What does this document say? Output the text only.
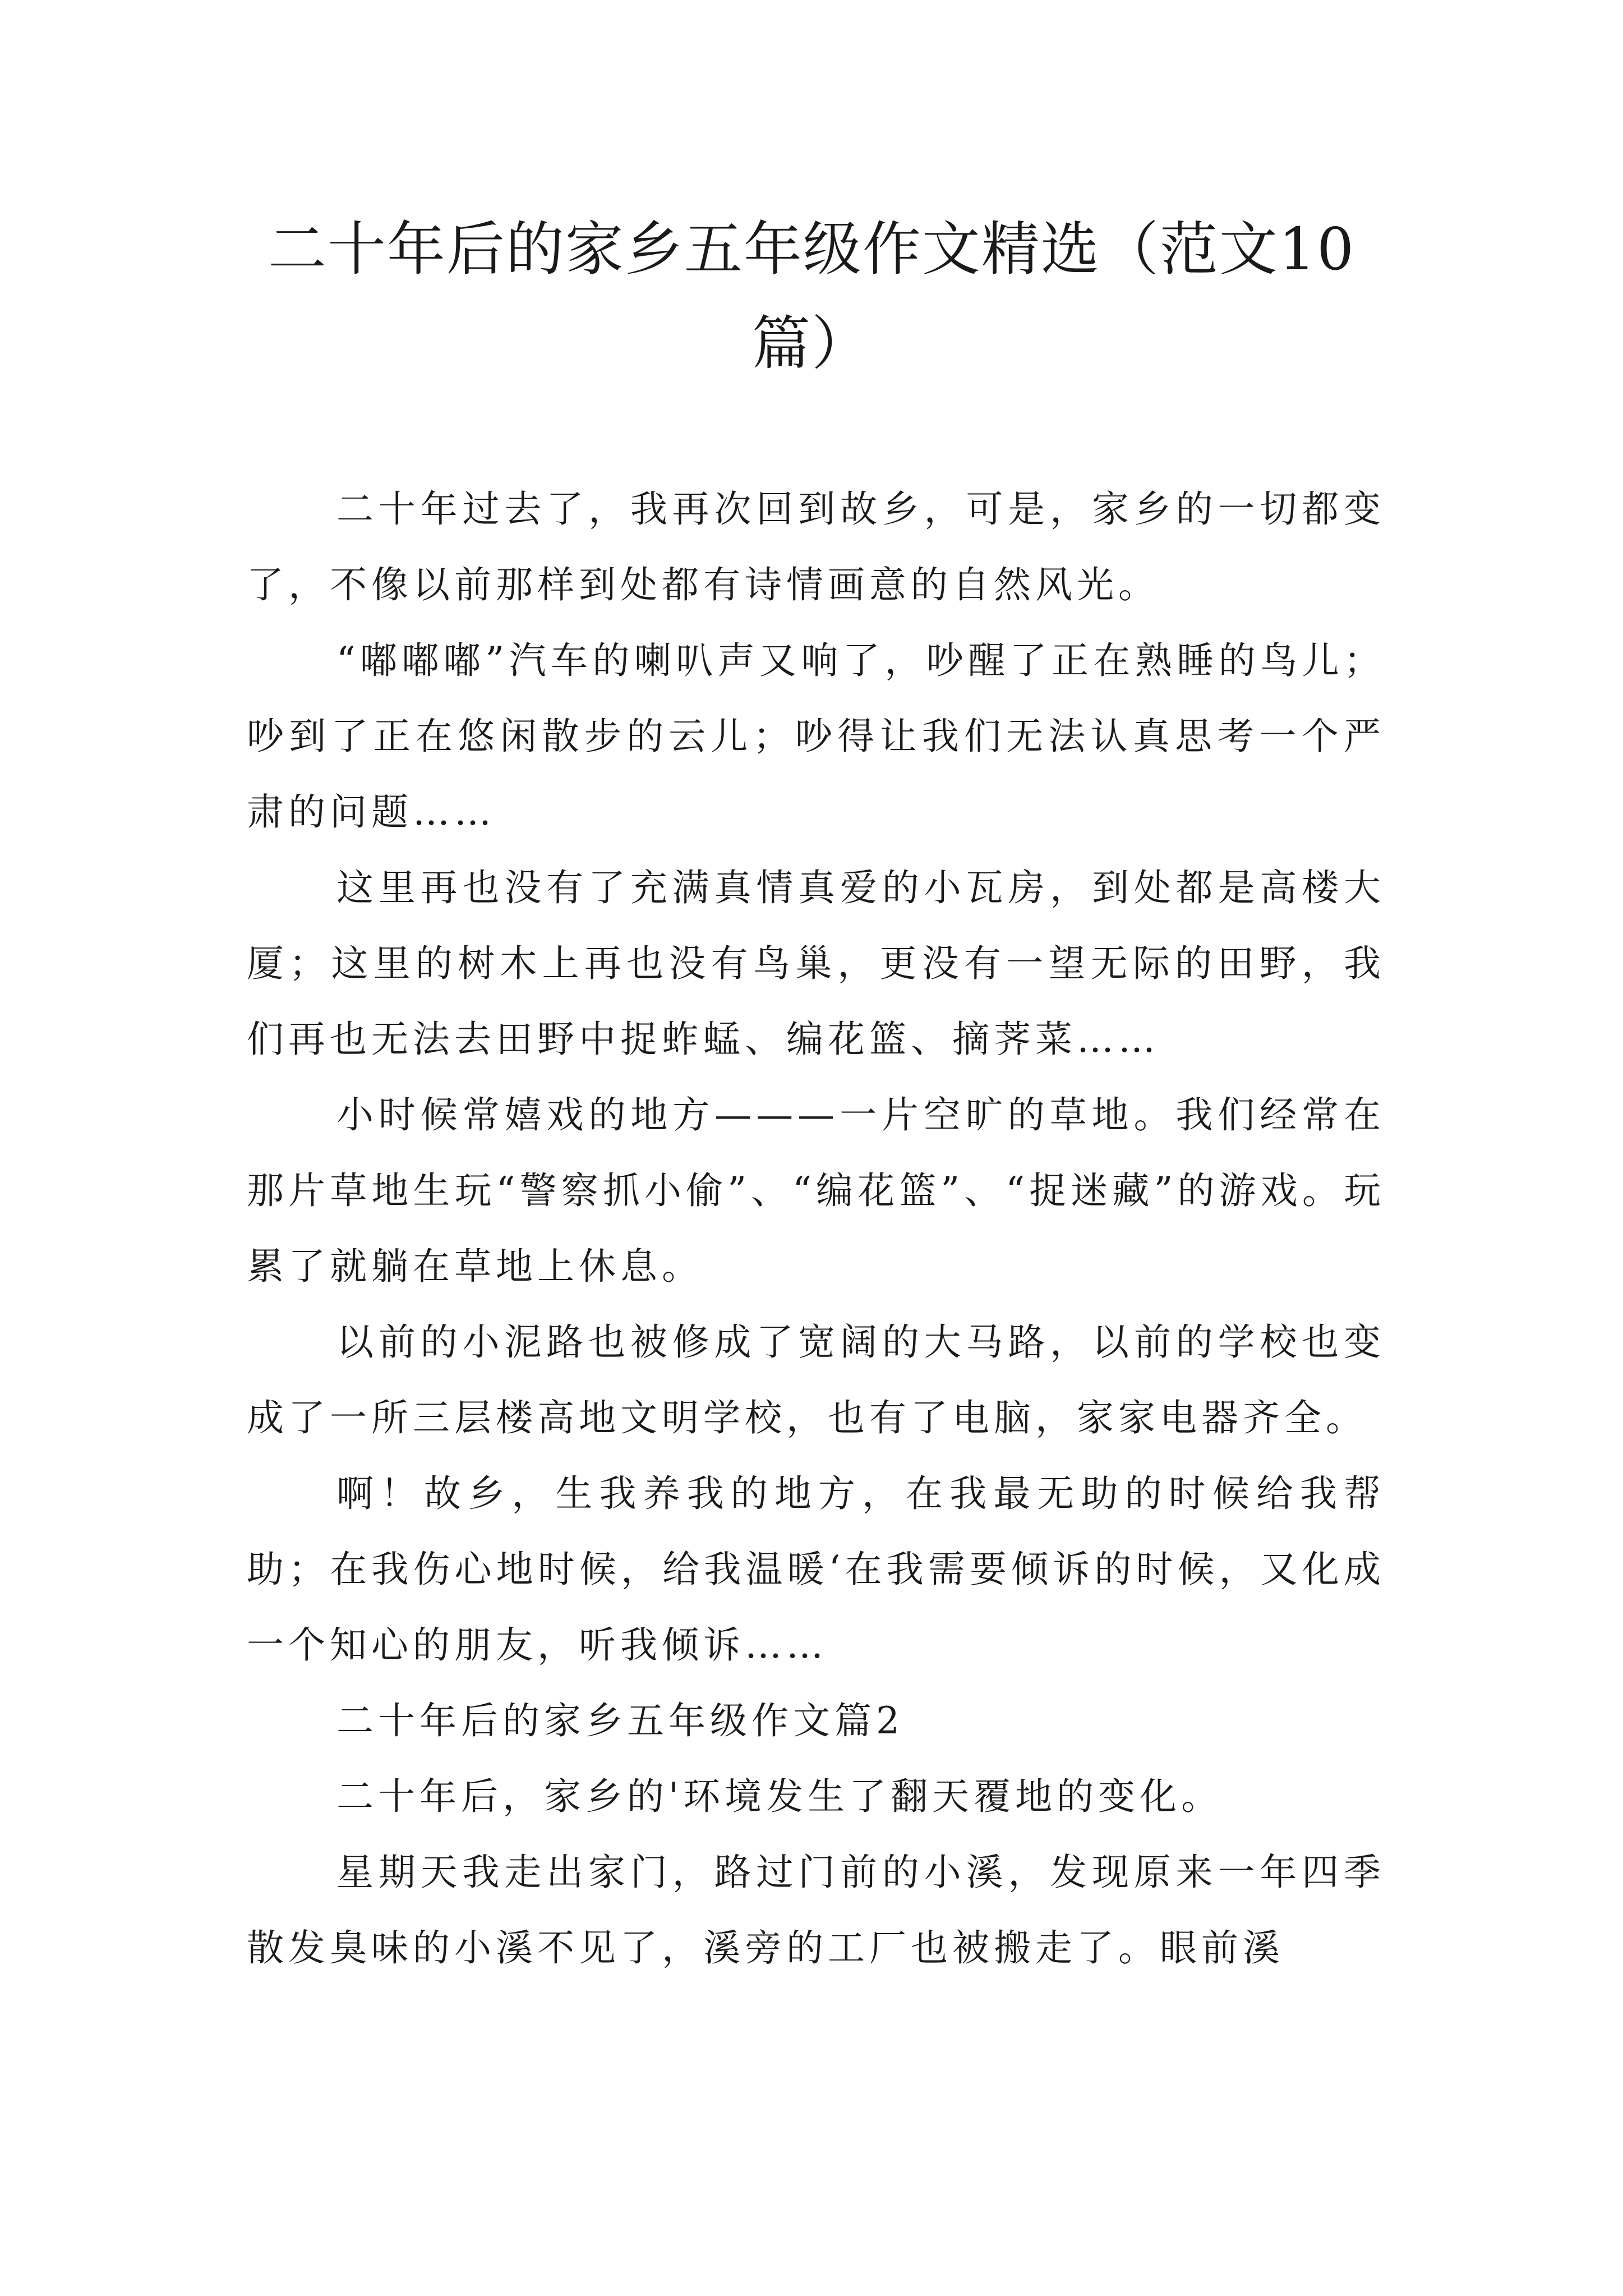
二十年后的家乡五年级作文精选（范文10篇）

二十年过去了，我再次回到故乡，可是，家乡的一切都变了，不像以前那样到处都有诗情画意的自然风光。

“嘟嘟嘟”汽车的喇叭声又响了，吵醒了正在熟睡的鸟儿；吵到了正在悠闲散步的云儿；吵得让我们无法认真思考一个严肃的问题……

这里再也没有了充满真情真爱的小瓦房，到处都是高楼大厦；这里的树木上再也没有鸟巢，更没有一望无际的田野，我们再也无法去田野中捉蚱蜢、编花篮、摘荠菜……

小时候常嬉戏的地方———一片空旷的草地。我们经常在那片草地生玩“警察抓小偷”、“编花篮”、“捉迷藏”的游戏。玩累了就躺在草地上休息。

以前的小泥路也被修成了宽阔的大马路，以前的学校也变成了一所三层楼高地文明学校，也有了电脑，家家电器齐全。

啊！故乡，生我养我的地方，在我最无助的时候给我帮助；在我伤心地时候，给我温暖‘在我需要倾诉的时候，又化成一个知心的朋友，听我倾诉……

二十年后的家乡五年级作文篇2

二十年后，家乡的'环境发生了翻天覆地的变化。

星期天我走出家门，路过门前的小溪，发现原来一年四季散发臭味的小溪不见了，溪旁的工厂也被搬走了。眼前溪
